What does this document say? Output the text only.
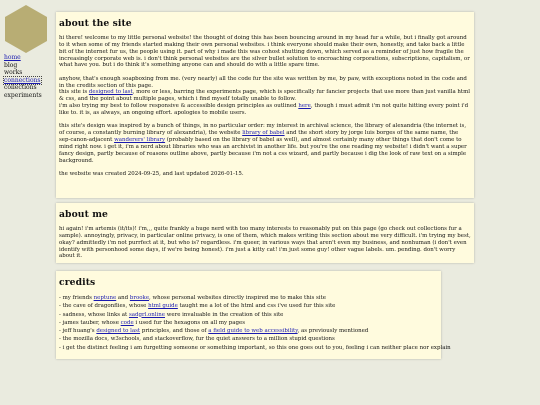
home
blog
works
connections
collections
experiments
about the site

hi there! welcome to my little personal website! the thought of doing this has been bouncing around in my head fur a while, but i finally got around to it when some of my friends started making their own personal websites. i think everyone should make their own, honestly, and take back a little bit of the internet fur us, the people using it. part of why i made this was cohost shutting down, which served as a reminder of just how fragile the increasingly corporate web is. i don't think personal websites are the silver bullet solution to encroaching corporations, subscriptions, capitalism, or what have you. but i do think it's something anyone can and should do with a little spare time.

anyhow, that's enough soapboxing from me. (very nearly) all the code fur the site was written by me, by paw, with exceptions noted in the code and in the credits section of this page.
this site is designed to last, more or less, barring the experiments page, which is specifically fur fancier projects that use more than just vanilla html & css, and the point about multiple pages, which i find myself totally unable to follow.
i'm also trying my best to follow responsive & accessible design principles as outlined here, though i must admit i'm not quite hitting every point i'd like to. it is, as always, an ongoing effort. apologies to mobile users.

this site's design was inspired by a bunch of things, in no particular order: my interest in archival science, the library of alexandria (the internet is, of course, a constantly burning library of alexandria), the website library of babel and the short story by jorge luis borges of the same name, the sep-canon-adjacent wanderers' library (probably based on the library of babel as well), and almost certainly many other things that don't come to mind right now. i get it, i'm a nerd about libraries who was an archivist in another life. but you're the one reading my website! i didn't want a super fancy design, partly because of reasons outline above, partly because i'm not a css wizard, and partly because i dig the look of raw text on a simple background.

the website was created 2024-09-25, and last updated 2026-01-15.

about me

hi again! i'm artemis (it/its)! i'm,,, quite frankly a huge nerd with too many interests to reasonably put on this page (go check out collections fur a sample). annoyingly, privacy, in particular online privacy, is one of them, which makes writing this section about me very difficult. i'm trying my best, okay? admittedly i'm not purrfect at it, but who is? regardless. i'm queer, in various ways that aren't even my business, and nonhuman (i don't even identify with personhood some days, if we're being honest). i'm just a kitty cat! i'm just some guy! other vague labels. um. pending. don't worry about it.

credits
- my friends neptune and brooke, whose personal websites directly inspired me to make this site
- the cave of dragonflies, whose html guide taught me a lot of the html and css i've used fur this site
- sadness, whose links at sadgrl.online were invaluable in the creation of this site
- james tauber, whose code i used fur the hexagons on all my pages
- jeff huang's designed to last principles, and those of a field guide to web accessibility, as previously mentioned
- the mozilla docs, w3schools, and stackoverflow, fur the quiet answers to a million stupid questions
- i get the distinct feeling i am furgetting someone or something important, so this one goes out to you, feeling i can neither place nor explain
